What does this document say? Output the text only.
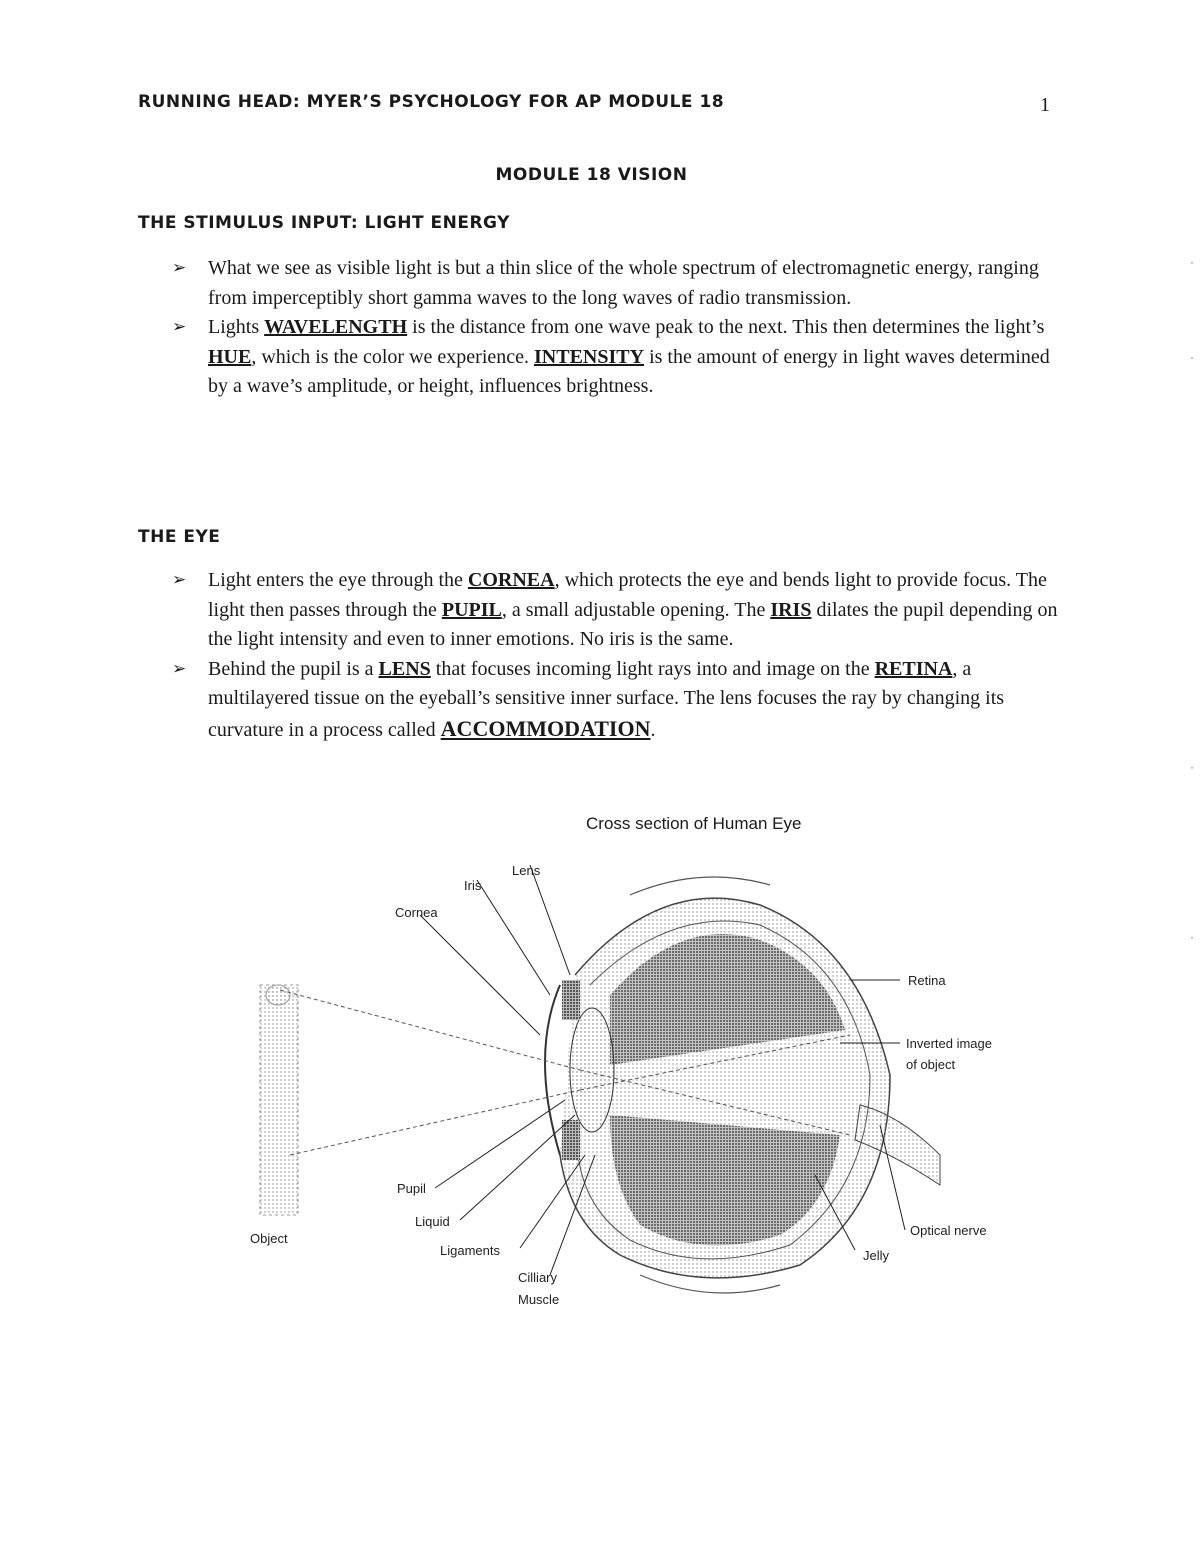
RUNNING HEAD: MYER’S PSYCHOLOGY FOR AP MODULE 18	1
MODULE 18 VISION
THE STIMULUS INPUT: LIGHT ENERGY
➢ What we see as visible light is but a thin slice of the whole spectrum of electromagnetic energy, ranging from imperceptibly short gamma waves to the long waves of radio transmission.
➢ Lights WAVELENGTH is the distance from one wave peak to the next. This then determines the light’s HUE, which is the color we experience. INTENSITY is the amount of energy in light waves determined by a wave’s amplitude, or height, influences brightness.
THE EYE
➢ Light enters the eye through the CORNEA, which protects the eye and bends light to provide focus. The light then passes through the PUPIL, a small adjustable opening. The IRIS dilates the pupil depending on the light intensity and even to inner emotions. No iris is the same.
➢ Behind the pupil is a LENS that focuses incoming light rays into and image on the RETINA, a multilayered tissue on the eyeball’s sensitive inner surface. The lens focuses the ray by changing its curvature in a process called ACCOMMODATION.
Cross section of Human Eye
Iris
Lens
Cornea
Retina
Inverted image
of object
Pupil
Liquid
Ligaments
Cilliary
Muscle
Optical nerve
Jelly
Object
·
·
·
·
